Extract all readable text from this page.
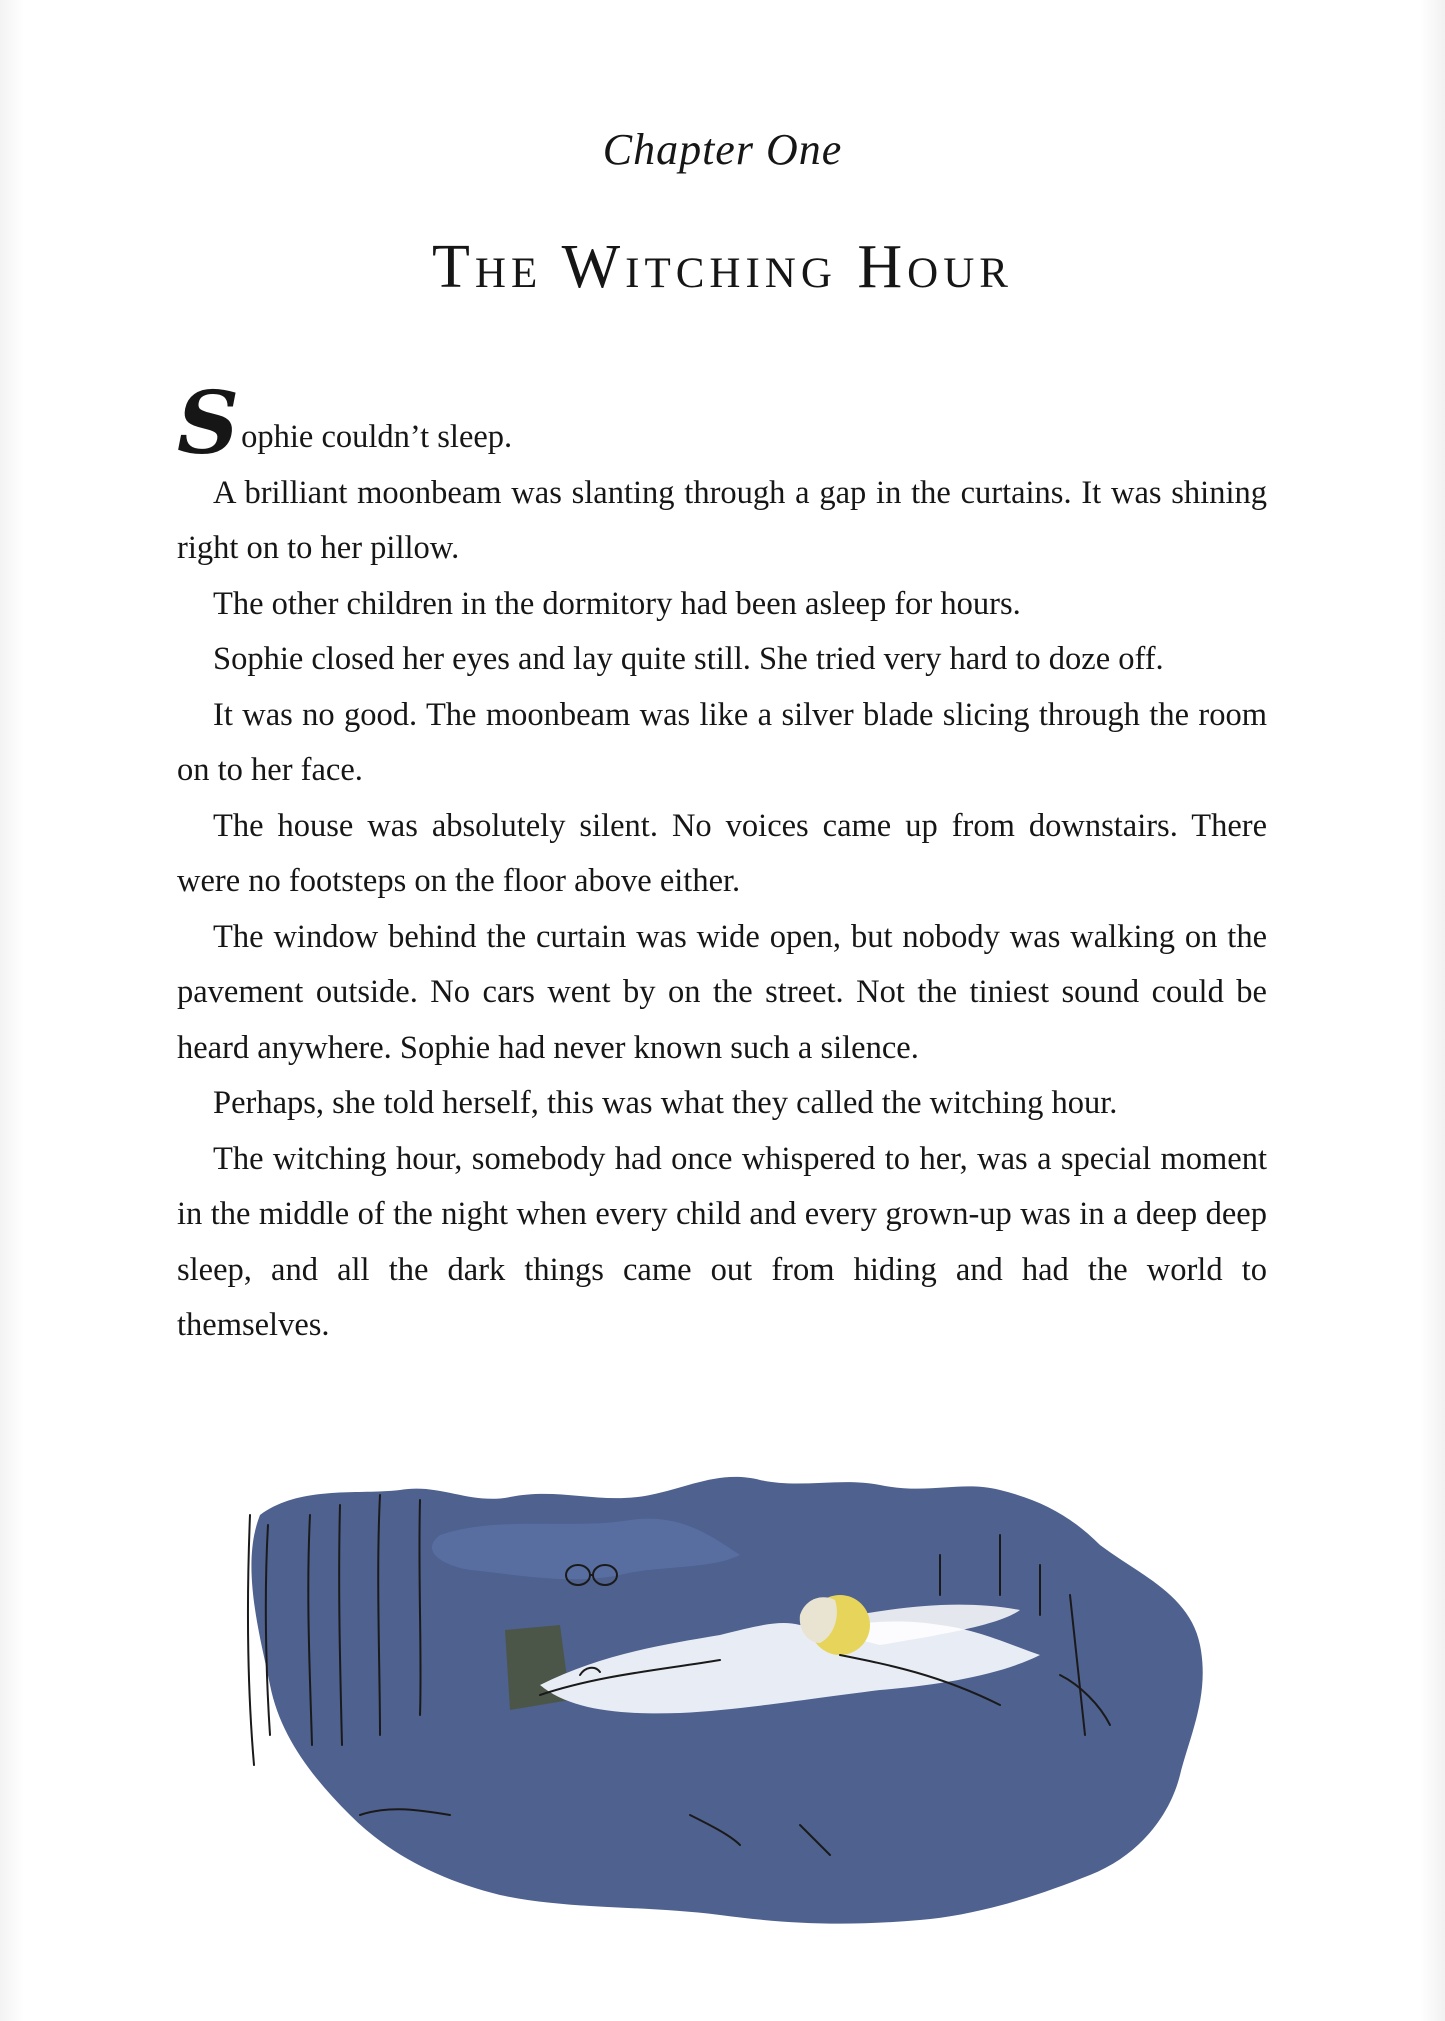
Chapter One
The Witching Hour

Sophie couldn’t sleep.

A brilliant moonbeam was slanting through a gap in the curtains. It was shining right on to her pillow.

The other children in the dormitory had been asleep for hours.

Sophie closed her eyes and lay quite still. She tried very hard to doze off.

It was no good. The moonbeam was like a silver blade slicing through the room on to her face.

The house was absolutely silent. No voices came up from downstairs. There were no footsteps on the floor above either.

The window behind the curtain was wide open, but nobody was walking on the pavement outside. No cars went by on the street. Not the tiniest sound could be heard anywhere. Sophie had never known such a silence.

Perhaps, she told herself, this was what they called the witching hour.

The witching hour, somebody had once whispered to her, was a special moment in the middle of the night when every child and every grown-up was in a deep deep sleep, and all the dark things came out from hiding and had the world to themselves.
